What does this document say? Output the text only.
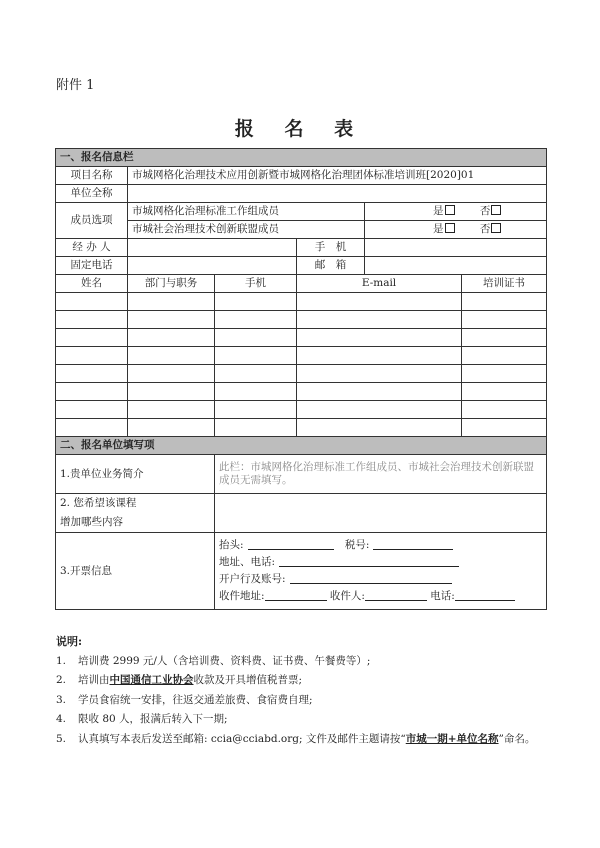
附件 1
报 名 表
一、报名信息栏					
项目名称	市城网格化治理技术应用创新暨市城网格化治理团体标准培训班[2020]01				
单位全称					
成员选项	市城网格化治理标准工作组成员			是 否	
	市城社会治理技术创新联盟成员			是 否	
经 办 人			手　机		
固定电话			邮　箱		
姓名	部门与职务	手机	E-mail		培训证书

二、报名单位填写项					
1.贵单位业务简介		此栏：市城网格化治理标准工作组成员、市城社会治理技术创新联盟成员无需填写。			

2. 您希望该课程
增加哪些内容					

3.开票信息		抬头: 税号:
地址、电话:
开户行及账号:
收件地址: 收件人: 电话:			
说明:
1.	培训费 2999 元/人（含培训费、资料费、证书费、午餐费等）;
2.	培训由中国通信工业协会收款及开具增值税普票;
3.	学员食宿统一安排，往返交通差旅费、食宿费自理;
4.	限收 80 人，报满后转入下一期;
5.	认真填写本表后发送至邮箱: ccia@cciabd.org; 文件及邮件主题请按“市城一期+单位名称”命名。
